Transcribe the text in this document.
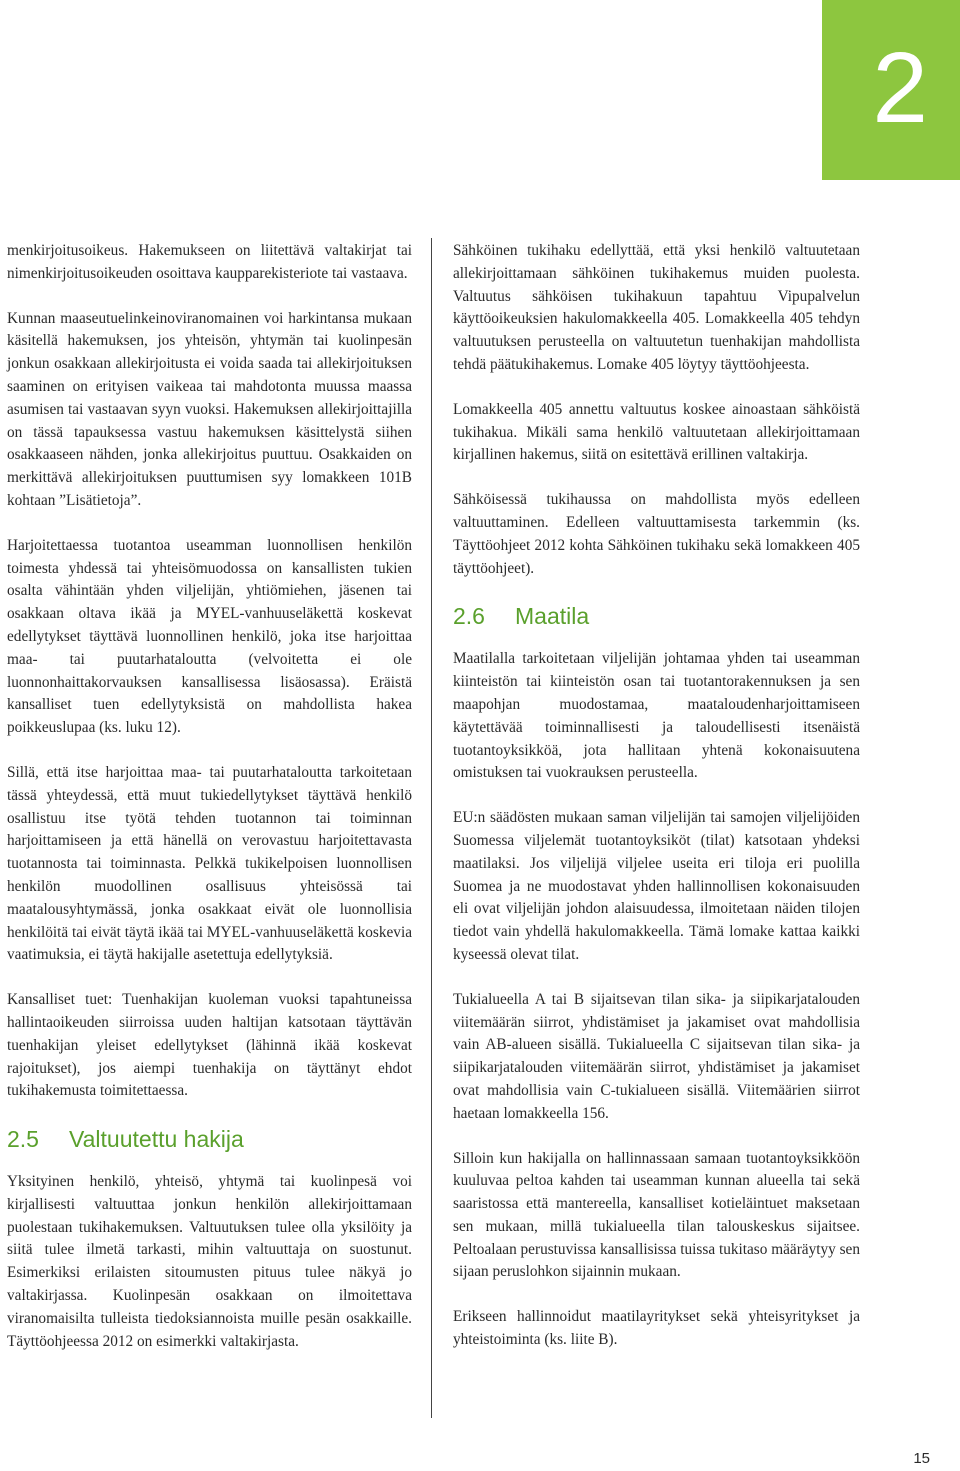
2

menkirjoitusoikeus. Hakemukseen on liitettävä valtakirjat tai nimenkirjoitusoikeuden osoittava kaupparekisteriote tai vastaava.

Kunnan maaseutuelinkeinoviranomainen voi harkintansa mukaan käsitellä hakemuksen, jos yhteisön, yhtymän tai kuolinpesän jonkun osakkaan allekirjoitusta ei voida saada tai allekirjoituksen saaminen on erityisen vaikeaa tai mahdotonta muussa maassa asumisen tai vastaavan syyn vuoksi. Hakemuksen allekirjoittajilla on tässä tapauksessa vastuu hakemuksen käsittelystä siihen osakkaaseen nähden, jonka allekirjoitus puuttuu. Osakkaiden on merkittävä allekirjoituksen puuttumisen syy lomakkeen 101B kohtaan ”Lisätietoja”.

Harjoitettaessa tuotantoa useamman luonnollisen henkilön toimesta yhdessä tai yhteisömuodossa on kansallisten tukien osalta vähintään yhden viljelijän, yhtiömiehen, jäsenen tai osakkaan oltava ikää ja MYEL-vanhuuseläkettä koskevat edellytykset täyttävä luonnollinen henkilö, joka itse harjoittaa maa- tai puutarhataloutta (velvoitetta ei ole luonnonhaittakorvauksen kansallisessa lisäosassa). Eräistä kansalliset tuen edellytyksistä on mahdollista hakea poikkeuslupaa (ks. luku 12).

Sillä, että itse harjoittaa maa- tai puutarhataloutta tarkoitetaan tässä yhteydessä, että muut tukiedellytykset täyttävä henkilö osallistuu itse työtä tehden tuotannon tai toiminnan harjoittamiseen ja että hänellä on verovastuu harjoitettavasta tuotannosta tai toiminnasta. Pelkkä tukikelpoisen luonnollisen henkilön muodollinen osallisuus yhteisössä tai maatalousyhtymässä, jonka osakkaat eivät ole luonnollisia henkilöitä tai eivät täytä ikää tai MYEL-vanhuuseläkettä koskevia vaatimuksia, ei täytä hakijalle asetettuja edellytyksiä.

Kansalliset tuet: Tuenhakijan kuoleman vuoksi tapahtuneissa hallintaoikeuden siirroissa uuden haltijan katsotaan täyttävän tuenhakijan yleiset edellytykset (lähinnä ikää koskevat rajoitukset), jos aiempi tuenhakija on täyttänyt ehdot tukihakemusta toimitettaessa.

2.5 Valtuutettu hakija

Yksityinen henkilö, yhteisö, yhtymä tai kuolinpesä voi kirjallisesti valtuuttaa jonkun henkilön allekirjoittamaan puolestaan tukihakemuksen. Valtuutuksen tulee olla yksilöity ja siitä tulee ilmetä tarkasti, mihin valtuuttaja on suostunut. Esimerkiksi erilaisten sitoumusten pituus tulee näkyä jo valtakirjassa. Kuolinpesän osakkaan on ilmoitettava viranomaisilta tulleista tiedoksiannoista muille pesän osakkaille. Täyttöohjeessa 2012 on esimerkki valtakirjasta.

Sähköinen tukihaku edellyttää, että yksi henkilö valtuutetaan allekirjoittamaan sähköinen tukihakemus muiden puolesta. Valtuutus sähköisen tukihakuun tapahtuu Vipupalvelun käyttöoikeuksien hakulomakkeella 405. Lomakkeella 405 tehdyn valtuutuksen perusteella on valtuutetun tuenhakijan mahdollista tehdä päätukihakemus. Lomake 405 löytyy täyttöohjeesta.

Lomakkeella 405 annettu valtuutus koskee ainoastaan sähköistä tukihakua. Mikäli sama henkilö valtuutetaan allekirjoittamaan kirjallinen hakemus, siitä on esitettävä erillinen valtakirja.

Sähköisessä tukihaussa on mahdollista myös edelleen valtuuttaminen. Edelleen valtuuttamisesta tarkemmin (ks. Täyttöohjeet 2012 kohta Sähköinen tukihaku sekä lomakkeen 405 täyttöohjeet).

2.6 Maatila

Maatilalla tarkoitetaan viljelijän johtamaa yhden tai useamman kiinteistön tai kiinteistön osan tai tuotantorakennuksen ja sen maapohjan muodostamaa, maataloudenharjoittamiseen käytettävää toiminnallisesti ja taloudellisesti itsenäistä tuotantoyksikköä, jota hallitaan yhtenä kokonaisuutena omistuksen tai vuokrauksen perusteella.

EU:n säädösten mukaan saman viljelijän tai samojen viljelijöiden Suomessa viljelemät tuotantoyksiköt (tilat) katsotaan yhdeksi maatilaksi. Jos viljelijä viljelee useita eri tiloja eri puolilla Suomea ja ne muodostavat yhden hallinnollisen kokonaisuuden eli ovat viljelijän johdon alaisuudessa, ilmoitetaan näiden tilojen tiedot vain yhdellä hakulomakkeella. Tämä lomake kattaa kaikki kyseessä olevat tilat.

Tukialueella A tai B sijaitsevan tilan sika- ja siipikarjatalouden viitemäärän siirrot, yhdistämiset ja jakamiset ovat mahdollisia vain AB-alueen sisällä. Tukialueella C sijaitsevan tilan sika- ja siipikarjatalouden viitemäärän siirrot, yhdistämiset ja jakamiset ovat mahdollisia vain C-tukialueen sisällä. Viitemäärien siirrot haetaan lomakkeella 156.

Silloin kun hakijalla on hallinnassaan samaan tuotantoyksikköön kuuluvaa peltoa kahden tai useamman kunnan alueella tai sekä saaristossa että mantereella, kansalliset kotieläintuet maksetaan sen mukaan, millä tukialueella tilan talouskeskus sijaitsee. Peltoalaan perustuvissa kansallisissa tuissa tukitaso määräytyy sen sijaan peruslohkon sijainnin mukaan.

Erikseen hallinnoidut maatilayritykset sekä yhteisyritykset ja yhteistoiminta (ks. liite B).

15
